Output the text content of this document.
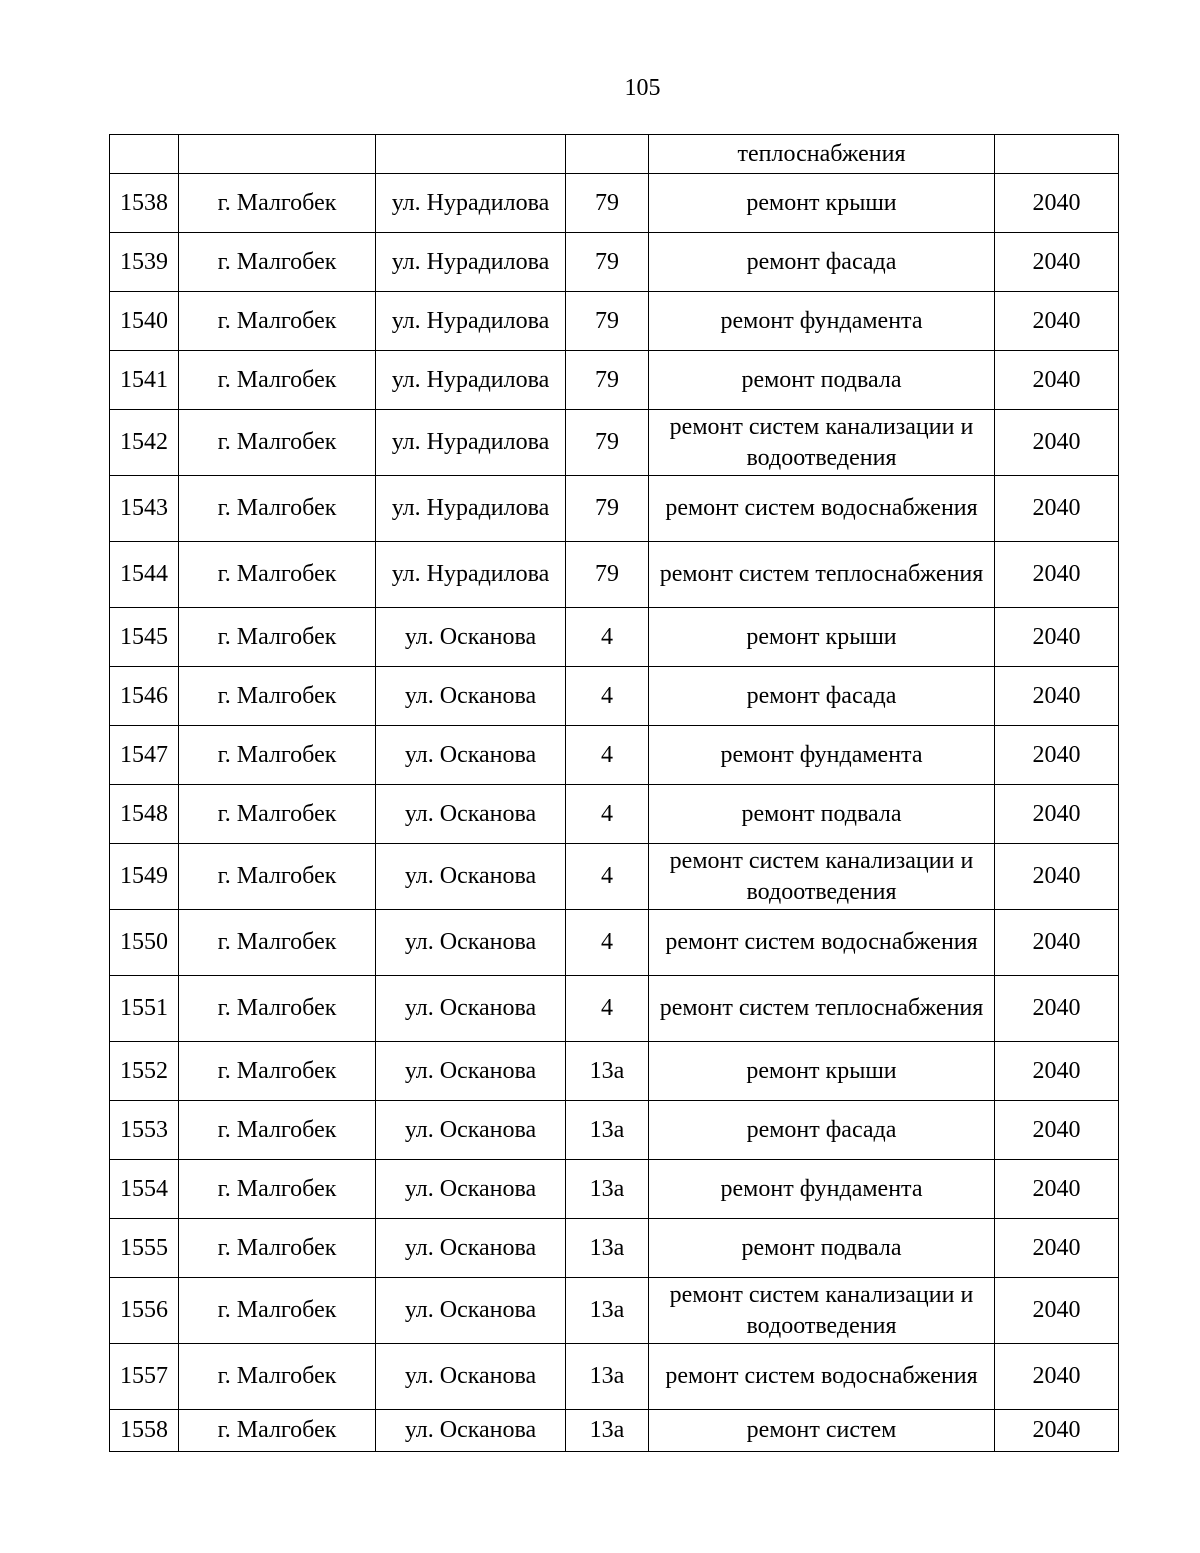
105
				теплоснабжения	
1538	г. Малгобек	ул. Нурадилова	79	ремонт крыши	2040
1539	г. Малгобек	ул. Нурадилова	79	ремонт фасада	2040
1540	г. Малгобек	ул. Нурадилова	79	ремонт фундамента	2040
1541	г. Малгобек	ул. Нурадилова	79	ремонт подвала	2040
1542	г. Малгобек	ул. Нурадилова	79	ремонт систем канализации и водоотведения	2040
1543	г. Малгобек	ул. Нурадилова	79	ремонт систем водоснабжения	2040
1544	г. Малгобек	ул. Нурадилова	79	ремонт систем теплоснабжения	2040
1545	г. Малгобек	ул. Осканова	4	ремонт крыши	2040
1546	г. Малгобек	ул. Осканова	4	ремонт фасада	2040
1547	г. Малгобек	ул. Осканова	4	ремонт фундамента	2040
1548	г. Малгобек	ул. Осканова	4	ремонт подвала	2040
1549	г. Малгобек	ул. Осканова	4	ремонт систем канализации и водоотведения	2040
1550	г. Малгобек	ул. Осканова	4	ремонт систем водоснабжения	2040
1551	г. Малгобек	ул. Осканова	4	ремонт систем теплоснабжения	2040
1552	г. Малгобек	ул. Осканова	13а	ремонт крыши	2040
1553	г. Малгобек	ул. Осканова	13а	ремонт фасада	2040
1554	г. Малгобек	ул. Осканова	13а	ремонт фундамента	2040
1555	г. Малгобек	ул. Осканова	13а	ремонт подвала	2040
1556	г. Малгобек	ул. Осканова	13а	ремонт систем канализации и водоотведения	2040
1557	г. Малгобек	ул. Осканова	13а	ремонт систем водоснабжения	2040
1558	г. Малгобек	ул. Осканова	13а	ремонт систем	2040
